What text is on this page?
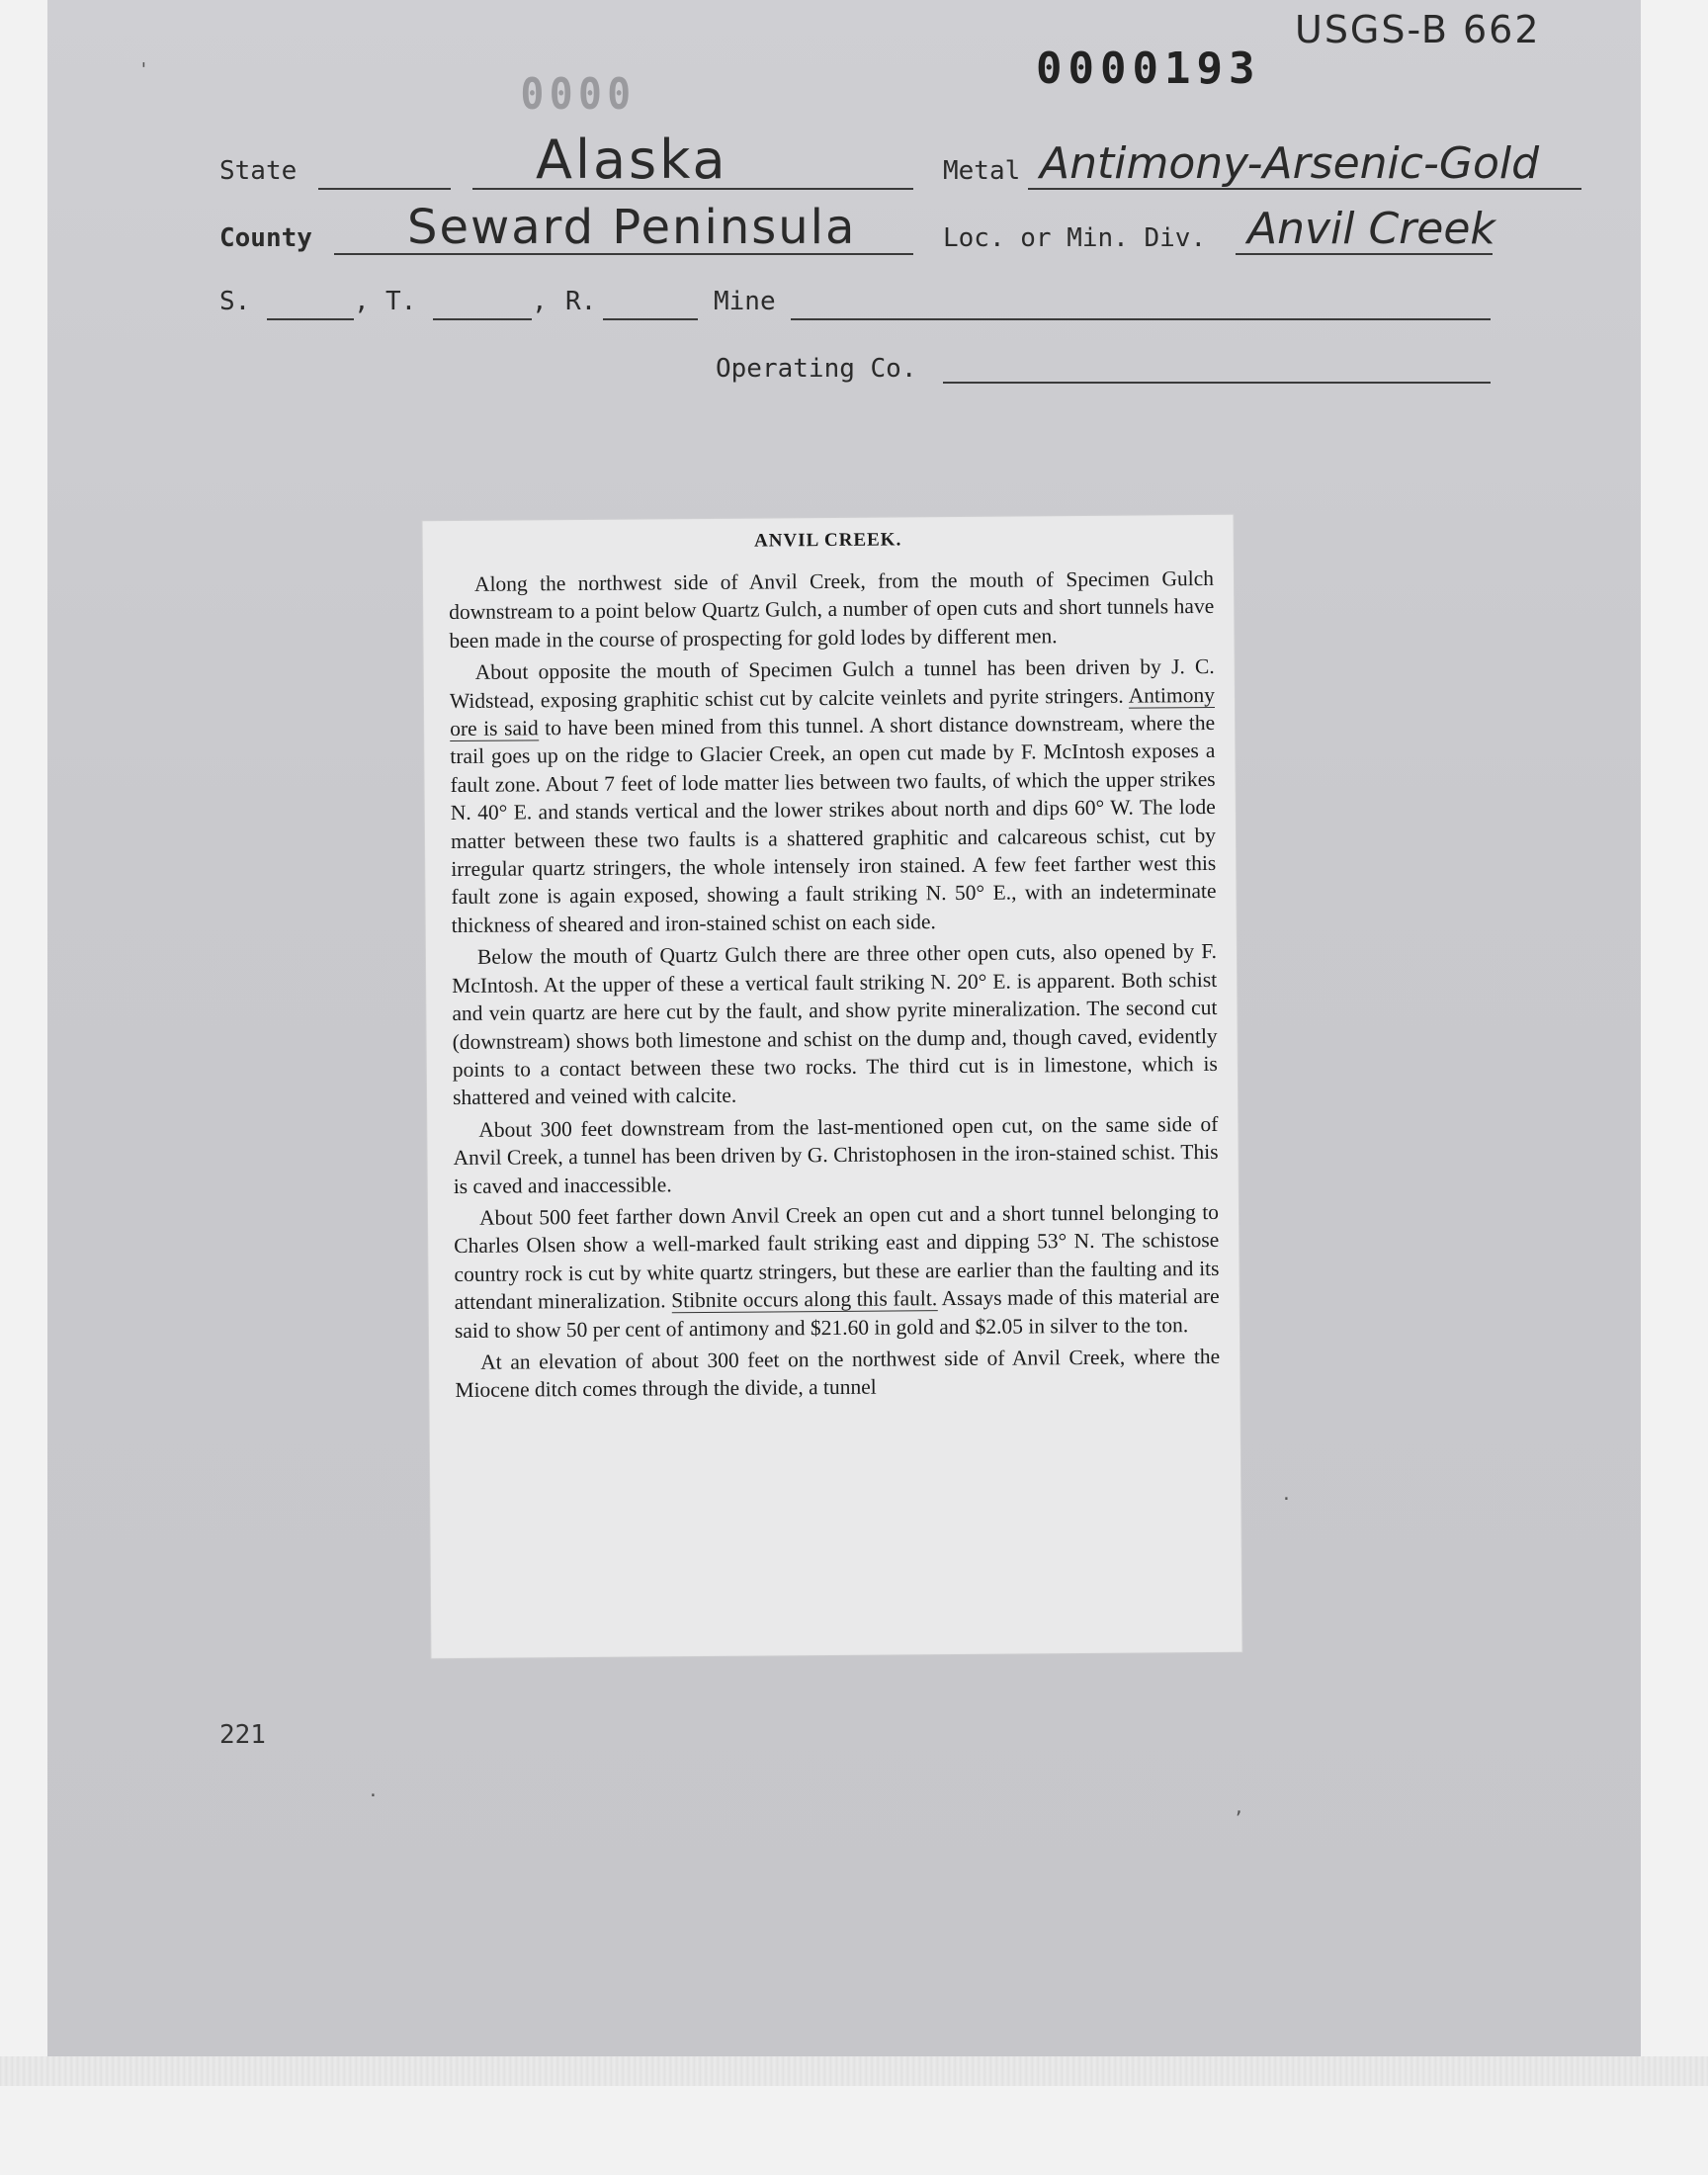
USGS-B 662
0000193
0000
State	Alaska	Metal Antimony-Arsenic-Gold
County Seward Peninsula	Loc. or Min. Div. Anvil Creek
S.	, T.	, R.	Mine
Operating Co.
ANVIL CREEK.

Along the northwest side of Anvil Creek, from the mouth of Specimen Gulch downstream to a point below Quartz Gulch, a number of open cuts and short tunnels have been made in the course of prospecting for gold lodes by different men.

About opposite the mouth of Specimen Gulch a tunnel has been driven by J. C. Widstead, exposing graphitic schist cut by calcite veinlets and pyrite stringers. Antimony ore is said to have been mined from this tunnel. A short distance downstream, where the trail goes up on the ridge to Glacier Creek, an open cut made by F. McIntosh exposes a fault zone. About 7 feet of lode matter lies between two faults, of which the upper strikes N. 40° E. and stands vertical and the lower strikes about north and dips 60° W. The lode matter between these two faults is a shattered graphitic and calcareous schist, cut by irregular quartz stringers, the whole intensely iron stained. A few feet farther west this fault zone is again exposed, showing a fault striking N. 50° E., with an indeterminate thickness of sheared and iron-stained schist on each side.

Below the mouth of Quartz Gulch there are three other open cuts, also opened by F. McIntosh. At the upper of these a vertical fault striking N. 20° E. is apparent. Both schist and vein quartz are here cut by the fault, and show pyrite mineralization. The second cut (downstream) shows both limestone and schist on the dump and, though caved, evidently points to a contact between these two rocks. The third cut is in limestone, which is shattered and veined with calcite.

About 300 feet downstream from the last-mentioned open cut, on the same side of Anvil Creek, a tunnel has been driven by G. Christophosen in the iron-stained schist. This is caved and inaccessible.

About 500 feet farther down Anvil Creek an open cut and a short tunnel belonging to Charles Olsen show a well-marked fault striking east and dipping 53° N. The schistose country rock is cut by white quartz stringers, but these are earlier than the faulting and its attendant mineralization. Stibnite occurs along this fault. Assays made of this material are said to show 50 per cent of antimony and $21.60 in gold and $2.05 in silver to the ton.

At an elevation of about 300 feet on the northwest side of Anvil Creek, where the Miocene ditch comes through the divide, a tunnel

221
'
·
,
·
